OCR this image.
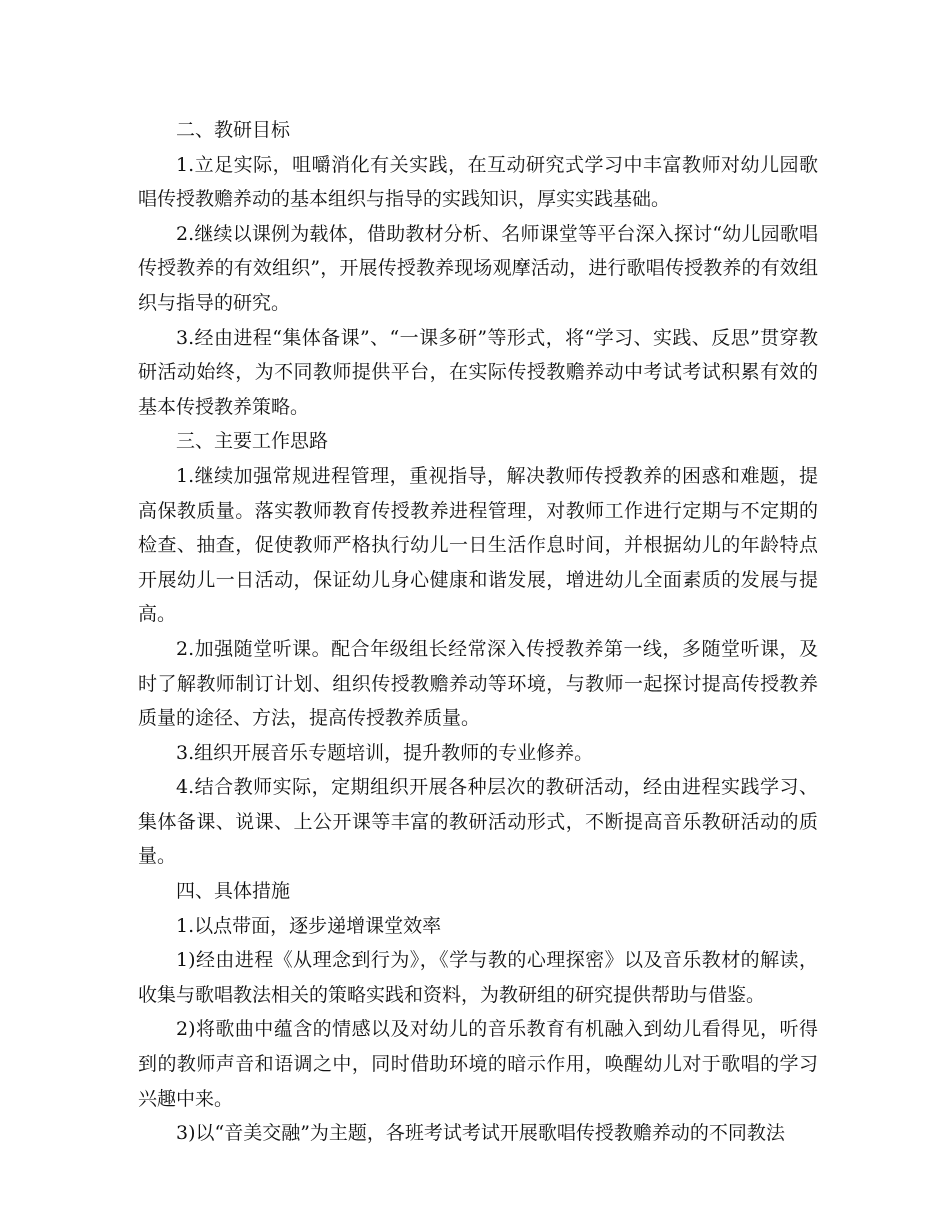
二、教研目标

1.立足实际，咀嚼消化有关实践，在互动研究式学习中丰富教师对幼儿园歌唱传授教赡养动的基本组织与指导的实践知识，厚实实践基础。

2.继续以课例为载体，借助教材分析、名师课堂等平台深入探讨“幼儿园歌唱传授教养的有效组织”，开展传授教养现场观摩活动，进行歌唱传授教养的有效组织与指导的研究。

3.经由进程“集体备课”、“一课多研”等形式，将“学习、实践、反思”贯穿教研活动始终，为不同教师提供平台，在实际传授教赡养动中考试考试积累有效的基本传授教养策略。

三、主要工作思路

1.继续加强常规进程管理，重视指导，解决教师传授教养的困惑和难题，提高保教质量。落实教师教育传授教养进程管理，对教师工作进行定期与不定期的检查、抽查，促使教师严格执行幼儿一日生活作息时间，并根据幼儿的年龄特点开展幼儿一日活动，保证幼儿身心健康和谐发展，增进幼儿全面素质的发展与提高。

2.加强随堂听课。配合年级组长经常深入传授教养第一线，多随堂听课，及时了解教师制订计划、组织传授教赡养动等环境，与教师一起探讨提高传授教养质量的途径、方法，提高传授教养质量。

3.组织开展音乐专题培训，提升教师的专业修养。

4.结合教师实际，定期组织开展各种层次的教研活动，经由进程实践学习、集体备课、说课、上公开课等丰富的教研活动形式，不断提高音乐教研活动的质量。

四、具体措施

1.以点带面，逐步递增课堂效率

1)经由进程《从理念到行为》，《学与教的心理探密》以及音乐教材的解读，收集与歌唱教法相关的策略实践和资料，为教研组的研究提供帮助与借鉴。

2)将歌曲中蕴含的情感以及对幼儿的音乐教育有机融入到幼儿看得见，听得到的教师声音和语调之中，同时借助环境的暗示作用，唤醒幼儿对于歌唱的学习兴趣中来。

3)以“音美交融”为主题，各班考试考试开展歌唱传授教赡养动的不同教法
